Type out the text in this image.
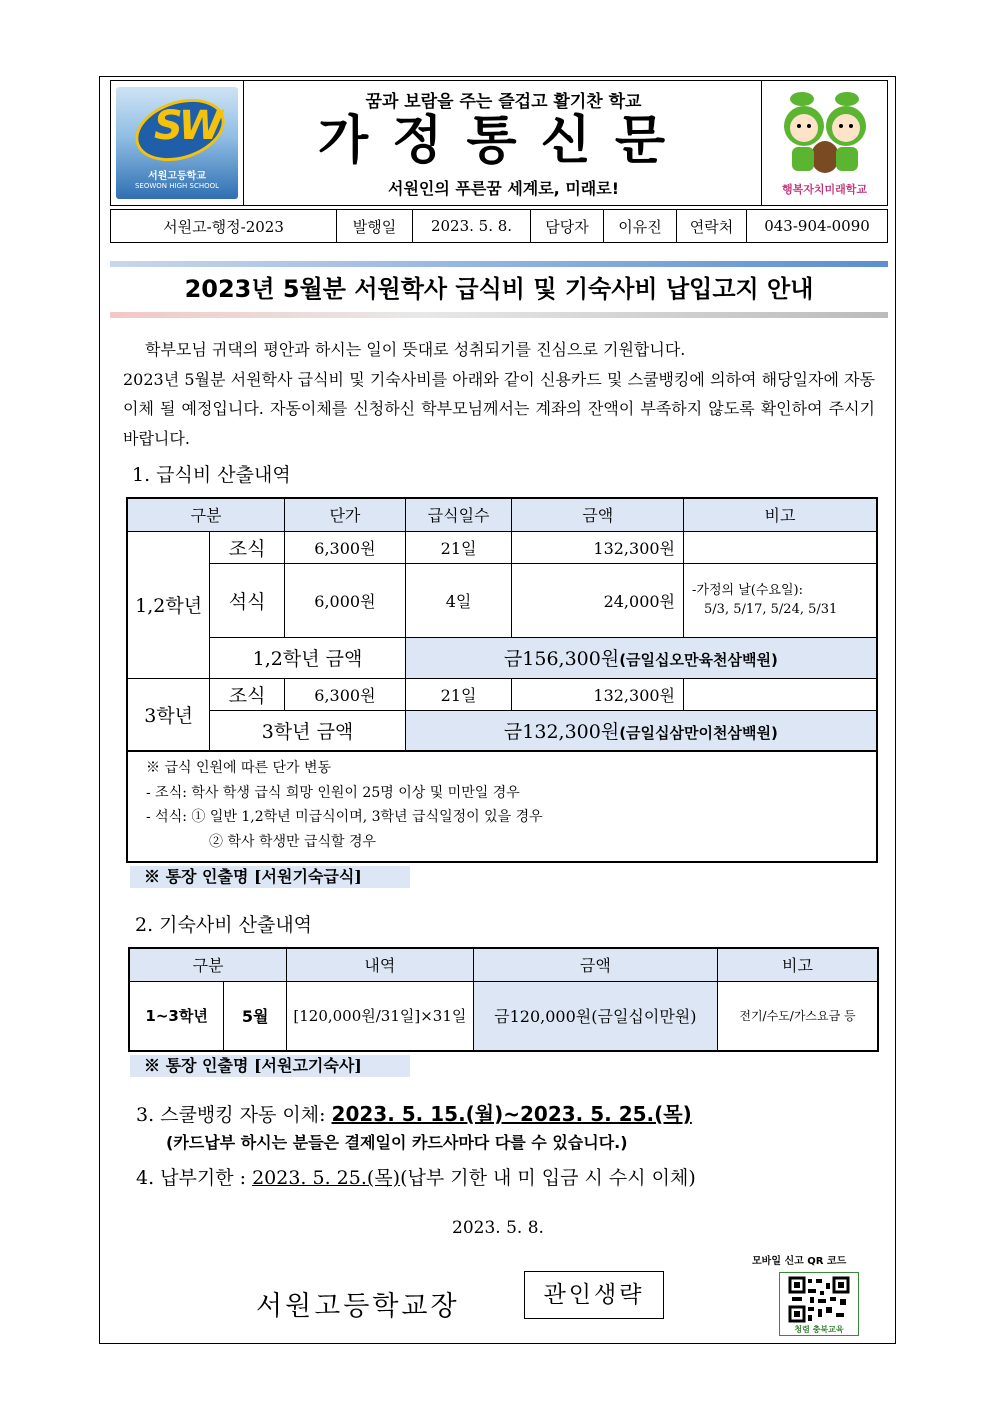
SW
서원고등학교
SEOWON HIGH SCHOOL
꿈과 보람을 주는 즐겁고 활기찬 학교
가정통신문
서원인의 푸른꿈 세계로, 미래로!	행복자치미래학교
서원고-행정-2023	발행일	2023. 5. 8.	담당자	이유진	연락처	043-904-0090
2023년 5월분 서원학사 급식비 및 기숙사비 납입고지 안내

학부모님 귀댁의 평안과 하시는 일이 뜻대로 성취되기를 진심으로 기원합니다.

2023년 5월분 서원학사 급식비 및 기숙사비를 아래와 같이 신용카드 및 스쿨뱅킹에 의하여 해당일자에 자동이체 될 예정입니다. 자동이체를 신청하신 학부모님께서는 계좌의 잔액이 부족하지 않도록 확인하여 주시기 바랍니다.

1. 급식비 산출내역
구분		단가	급식일수	금액	비고
1,2학년	조식	6,300원	21일	132,300원	
	석식	6,000원	4일	24,000원	-가정의 날(수요일):
5/3, 5/17, 5/24, 5/31

	1,2학년 금액		금156,300원(금일십오만육천삼백원)		
3학년	조식	6,300원	21일	132,300원	
	3학년 금액		금132,300원(금일십삼만이천삼백원)		
※ 급식 인원에 따른 단가 변동
- 조식: 학사 학생 급식 희망 인원이 25명 이상 및 미만일 경우
- 석식: ① 일반 1,2학년 미급식이며, 3학년 급식일정이 있을 경우
② 학사 학생만 급식할 경우
※ 통장 인출명 [서원기숙급식]
2. 기숙사비 산출내역
구분		내역	금액	비고
1~3학년	5월	[120,000원/31일]×31일	금120,000원(금일십이만원)	전기/수도/가스요금 등
※ 통장 인출명 [서원고기숙사]
3. 스쿨뱅킹 자동 이체: 2023. 5. 15.(월)~2023. 5. 25.(목)
(카드납부 하시는 분들은 결제일이 카드사마다 다를 수 있습니다.)
4. 납부기한 : 2023. 5. 25.(목)(납부 기한 내 미 입금 시 수시 이체)
2023. 5. 8.
서원고등학교장	관인생략
모바일 신고 QR 코드
청렴 충북교육
